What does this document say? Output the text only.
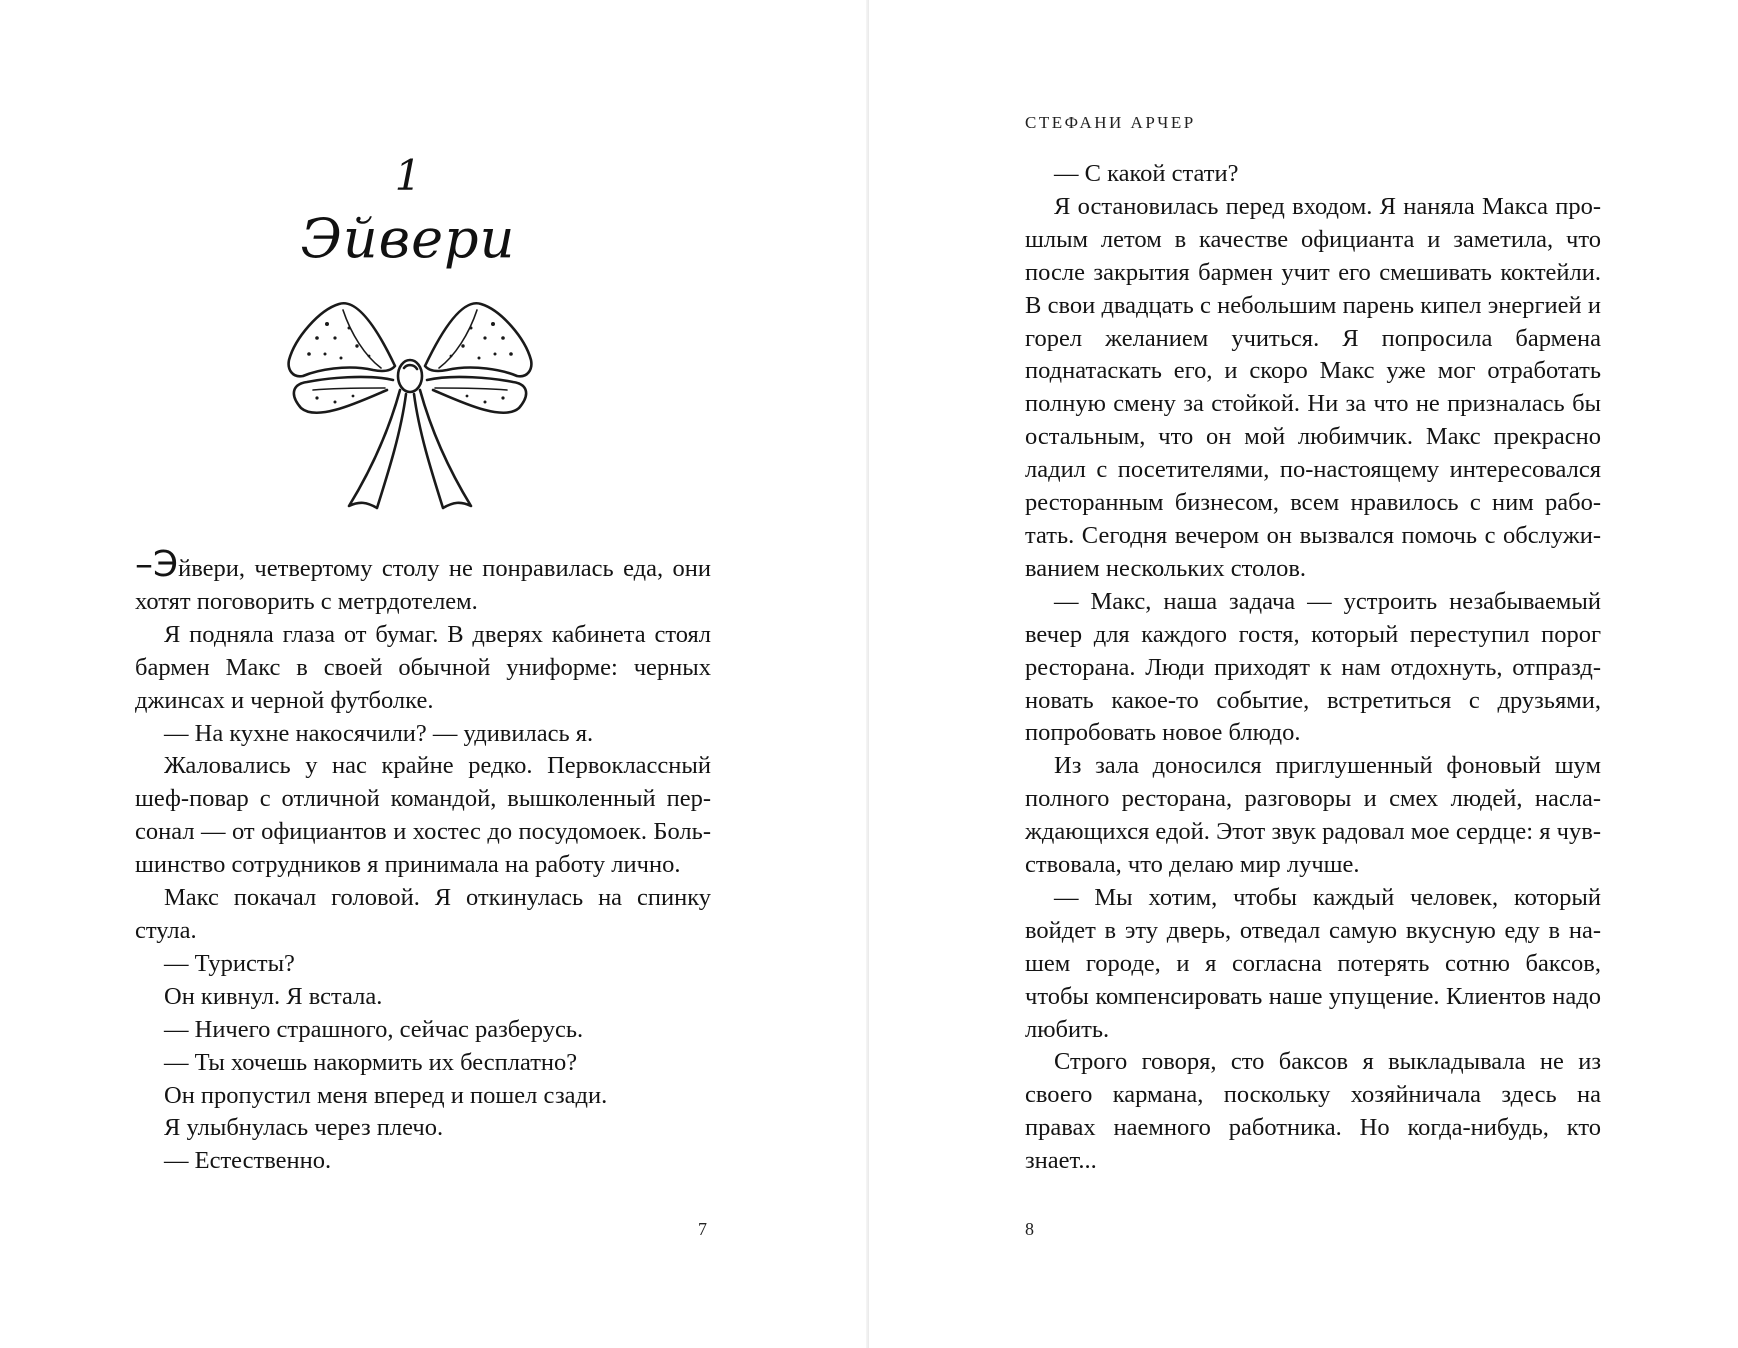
1
Эйвери

–Эйвери, четвертому столу не понравилась еда, они хотят поговорить с метрдотелем.

Я подняла глаза от бумаг. В дверях кабинета стоял бармен Макс в своей обычной униформе: черных джинсах и черной футболке.

— На кухне накосячили? — удивилась я.

Жаловались у нас крайне редко. Первоклассный шеф-повар с отличной командой, вышколенный персонал — от официантов и хостес до посудомоек. Большинство сотрудников я принимала на работу лично.

Макс покачал головой. Я откинулась на спинку стула.

— Туристы?

Он кивнул. Я встала.

— Ничего страшного, сейчас разберусь.

— Ты хочешь накормить их бесплатно?

Он пропустил меня вперед и пошел сзади.

Я улыбнулась через плечо.

— Естественно.

7
СТЕФАНИ АРЧЕР

— С какой стати?

Я остановилась перед входом. Я наняла Макса прошлым летом в качестве официанта и заметила, что после закрытия бармен учит его смешивать коктейли. В свои двадцать с небольшим парень кипел энергией и горел желанием учиться. Я попросила бармена поднатаскать его, и скоро Макс уже мог отработать полную смену за стойкой. Ни за что не призналась бы остальным, что он мой любимчик. Макс прекрасно ладил с посетителями, по-настоящему интересовался ресторанным бизнесом, всем нравилось с ним работать. Сегодня вечером он вызвался помочь с обслуживанием нескольких столов.

— Макс, наша задача — устроить незабываемый вечер для каждого гостя, который переступил порог ресторана. Люди приходят к нам отдохнуть, отпраздновать какое-то событие, встретиться с друзьями, попробовать новое блюдо.

Из зала доносился приглушенный фоновый шум полного ресторана, разговоры и смех людей, наслаждающихся едой. Этот звук радовал мое сердце: я чувствовала, что делаю мир лучше.

— Мы хотим, чтобы каждый человек, который войдет в эту дверь, отведал самую вкусную еду в нашем городе, и я согласна потерять сотню баксов, чтобы компенсировать наше упущение. Клиентов надо любить.

Строго говоря, сто баксов я выкладывала не из своего кармана, поскольку хозяйничала здесь на правах наемного работника. Но когда-нибудь, кто знает...

8
